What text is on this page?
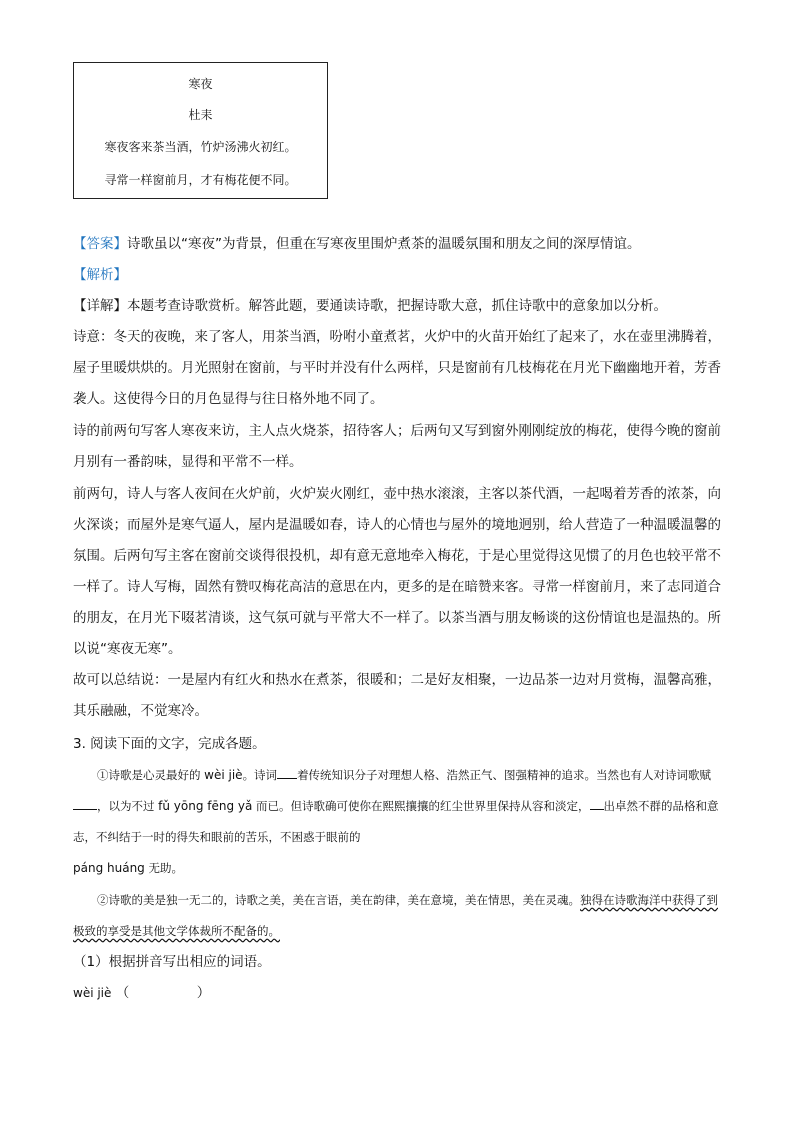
寒夜
杜耒
寒夜客来茶当酒，竹炉汤沸火初红。
寻常一样窗前月，才有梅花便不同。

【答案】诗歌虽以“寒夜”为背景，但重在写寒夜里围炉煮茶的温暖氛围和朋友之间的深厚情谊。

【解析】

【详解】本题考查诗歌赏析。解答此题，要通读诗歌，把握诗歌大意，抓住诗歌中的意象加以分析。

诗意：冬天的夜晚，来了客人，用茶当酒，吩咐小童煮茗，火炉中的火苗开始红了起来了，水在壶里沸腾着，屋子里暖烘烘的。月光照射在窗前，与平时并没有什么两样，只是窗前有几枝梅花在月光下幽幽地开着，芳香袭人。这使得今日的月色显得与往日格外地不同了。

诗的前两句写客人寒夜来访，主人点火烧茶，招待客人；后两句又写到窗外刚刚绽放的梅花，使得今晚的窗前月别有一番韵味，显得和平常不一样。

前两句，诗人与客人夜间在火炉前，火炉炭火刚红，壶中热水滚滚，主客以茶代酒，一起喝着芳香的浓茶，向火深谈；而屋外是寒气逼人，屋内是温暖如春，诗人的心情也与屋外的境地迥别，给人营造了一种温暖温馨的氛围。后两句写主客在窗前交谈得很投机，却有意无意地牵入梅花，于是心里觉得这见惯了的月色也较平常不一样了。诗人写梅，固然有赞叹梅花高洁的意思在内，更多的是在暗赞来客。寻常一样窗前月，来了志同道合的朋友，在月光下啜茗清谈，这气氛可就与平常大不一样了。以茶当酒与朋友畅谈的这份情谊也是温热的。所以说“寒夜无寒”。

故可以总结说：一是屋内有红火和热水在煮茶，很暖和；二是好友相聚，一边品茶一边对月赏梅，温馨高雅，其乐融融，不觉寒冷。

3. 阅读下面的文字，完成各题。

①诗歌是心灵最好的 wèi jiè。诗词 着传统知识分子对理想人格、浩然正气、图强精神的追求。当然也有人对诗词歌赋，以为不过 fǔ yōng fēng yǎ 而已。但诗歌确可使你在熙熙攘攘的红尘世界里保持从容和淡定， 出卓然不群的品格和意志，不纠结于一时的得失和眼前的苦乐，不困惑于眼前的
páng huáng 无助。

②诗歌的美是独一无二的，诗歌之美，美在言语，美在韵律，美在意境，美在情思，美在灵魂。独得在诗歌海洋中获得了到极致的享受是其他文学体裁所不配备的。

（1）根据拼音写出相应的词语。

wèi jiè （　　　　　）
